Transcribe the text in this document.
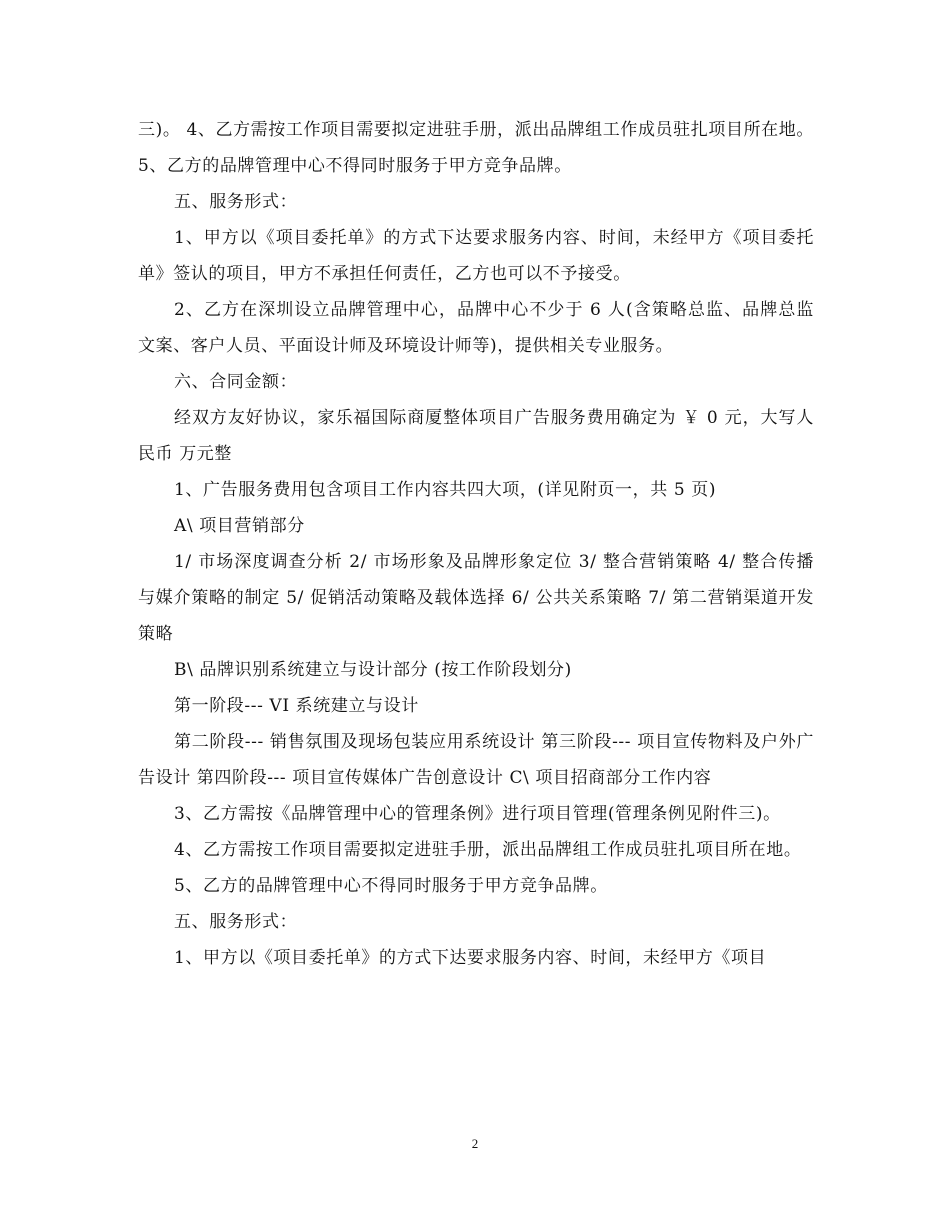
三)。 4、乙方需按工作项目需要拟定进驻手册，派出品牌组工作成员驻扎项目所在地。 5、乙方的品牌管理中心不得同时服务于甲方竞争品牌。

五、服务形式：

1、甲方以《项目委托单》的方式下达要求服务内容、时间，未经甲方《项目委托单》签认的项目，甲方不承担任何责任，乙方也可以不予接受。

2、乙方在深圳设立品牌管理中心，品牌中心不少于 6 人(含策略总监、品牌总监文案、客户人员、平面设计师及环境设计师等)，提供相关专业服务。

六、合同金额：

经双方友好协议，家乐福国际商厦整体项目广告服务费用确定为 ￥ 0 元，大写人民币 万元整

1、广告服务费用包含项目工作内容共四大项，(详见附页一，共 5 页)

A\ 项目营销部分

1/ 市场深度调查分析 2/ 市场形象及品牌形象定位 3/ 整合营销策略 4/ 整合传播与媒介策略的制定 5/ 促销活动策略及载体选择 6/ 公共关系策略 7/ 第二营销渠道开发策略

B\ 品牌识别系统建立与设计部分 (按工作阶段划分)

第一阶段--- VI 系统建立与设计

第二阶段--- 销售氛围及现场包装应用系统设计 第三阶段--- 项目宣传物料及户外广告设计 第四阶段--- 项目宣传媒体广告创意设计 C\ 项目招商部分工作内容

3、乙方需按《品牌管理中心的管理条例》进行项目管理(管理条例见附件三)。

4、乙方需按工作项目需要拟定进驻手册，派出品牌组工作成员驻扎项目所在地。

5、乙方的品牌管理中心不得同时服务于甲方竞争品牌。

五、服务形式：

1、甲方以《项目委托单》的方式下达要求服务内容、时间，未经甲方《项目

2
